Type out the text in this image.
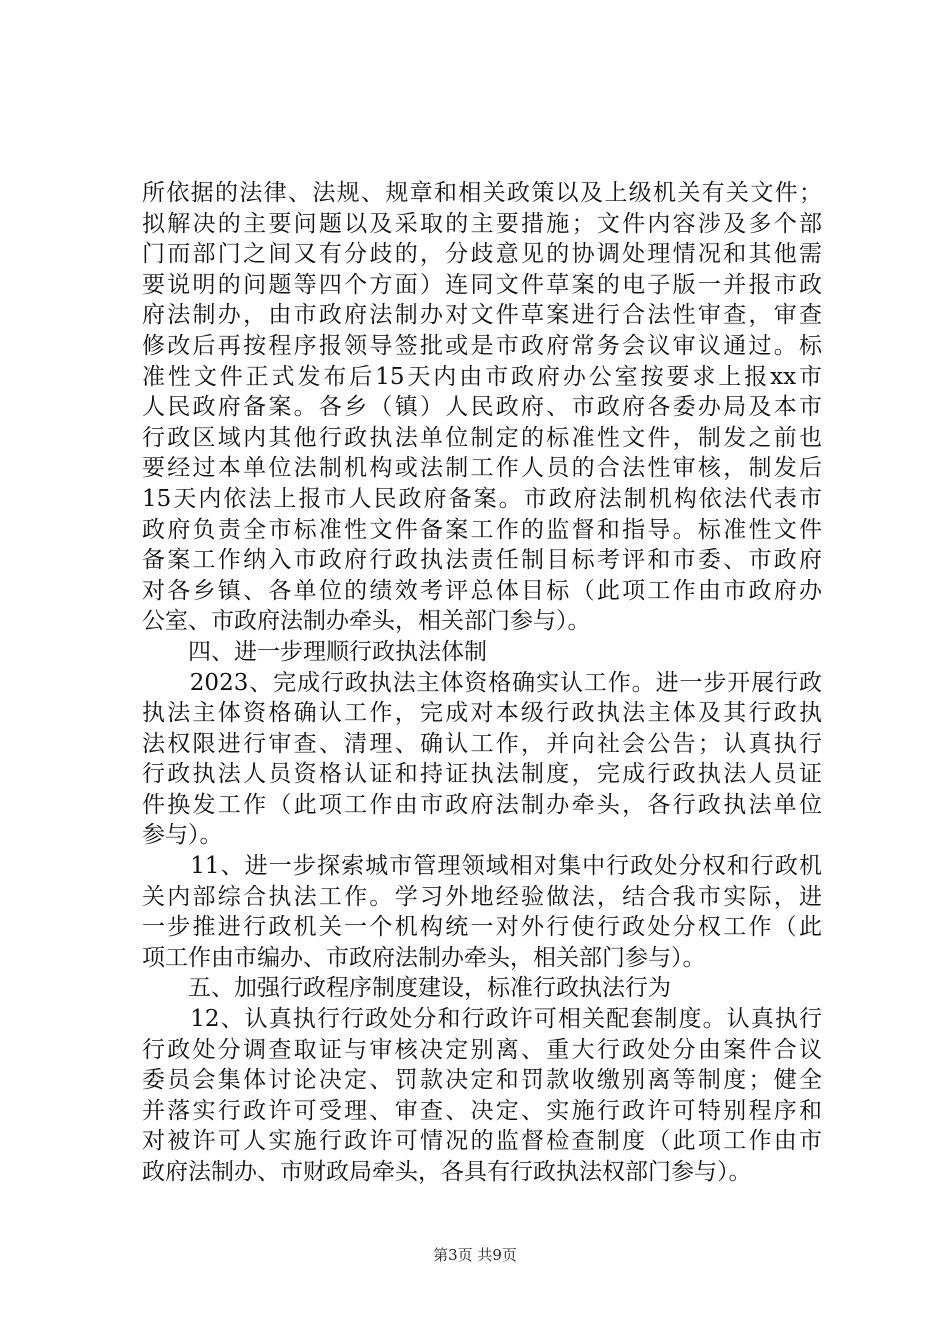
所依据的法律、法规、规章和相关政策以及上级机关有关文件；
拟解决的主要问题以及采取的主要措施；文件内容涉及多个部
门而部门之间又有分歧的，分歧意见的协调处理情况和其他需
要说明的问题等四个方面）连同文件草案的电子版一并报市政
府法制办，由市政府法制办对文件草案进行合法性审查，审查
修改后再按程序报领导签批或是市政府常务会议审议通过。标
准性文件正式发布后15天内由市政府办公室按要求上报xx市
人民政府备案。各乡（镇）人民政府、市政府各委办局及本市
行政区域内其他行政执法单位制定的标准性文件，制发之前也
要经过本单位法制机构或法制工作人员的合法性审核，制发后
15天内依法上报市人民政府备案。市政府法制机构依法代表市
政府负责全市标准性文件备案工作的监督和指导。标准性文件
备案工作纳入市政府行政执法责任制目标考评和市委、市政府
对各乡镇、各单位的绩效考评总体目标（此项工作由市政府办
公室、市政府法制办牵头，相关部门参与）。
　　四、进一步理顺行政执法体制
　　2023、完成行政执法主体资格确实认工作。进一步开展行政
执法主体资格确认工作，完成对本级行政执法主体及其行政执
法权限进行审查、清理、确认工作，并向社会公告；认真执行
行政执法人员资格认证和持证执法制度，完成行政执法人员证
件换发工作（此项工作由市政府法制办牵头，各行政执法单位
参与）。
　　11、进一步探索城市管理领域相对集中行政处分权和行政机
关内部综合执法工作。学习外地经验做法，结合我市实际，进
一步推进行政机关一个机构统一对外行使行政处分权工作（此
项工作由市编办、市政府法制办牵头，相关部门参与）。
　　五、加强行政程序制度建设，标准行政执法行为
　　12、认真执行行政处分和行政许可相关配套制度。认真执行
行政处分调查取证与审核决定别离、重大行政处分由案件合议
委员会集体讨论决定、罚款决定和罚款收缴别离等制度；健全
并落实行政许可受理、审查、决定、实施行政许可特别程序和
对被许可人实施行政许可情况的监督检查制度（此项工作由市
政府法制办、市财政局牵头，各具有行政执法权部门参与）。
第3页 共9页
